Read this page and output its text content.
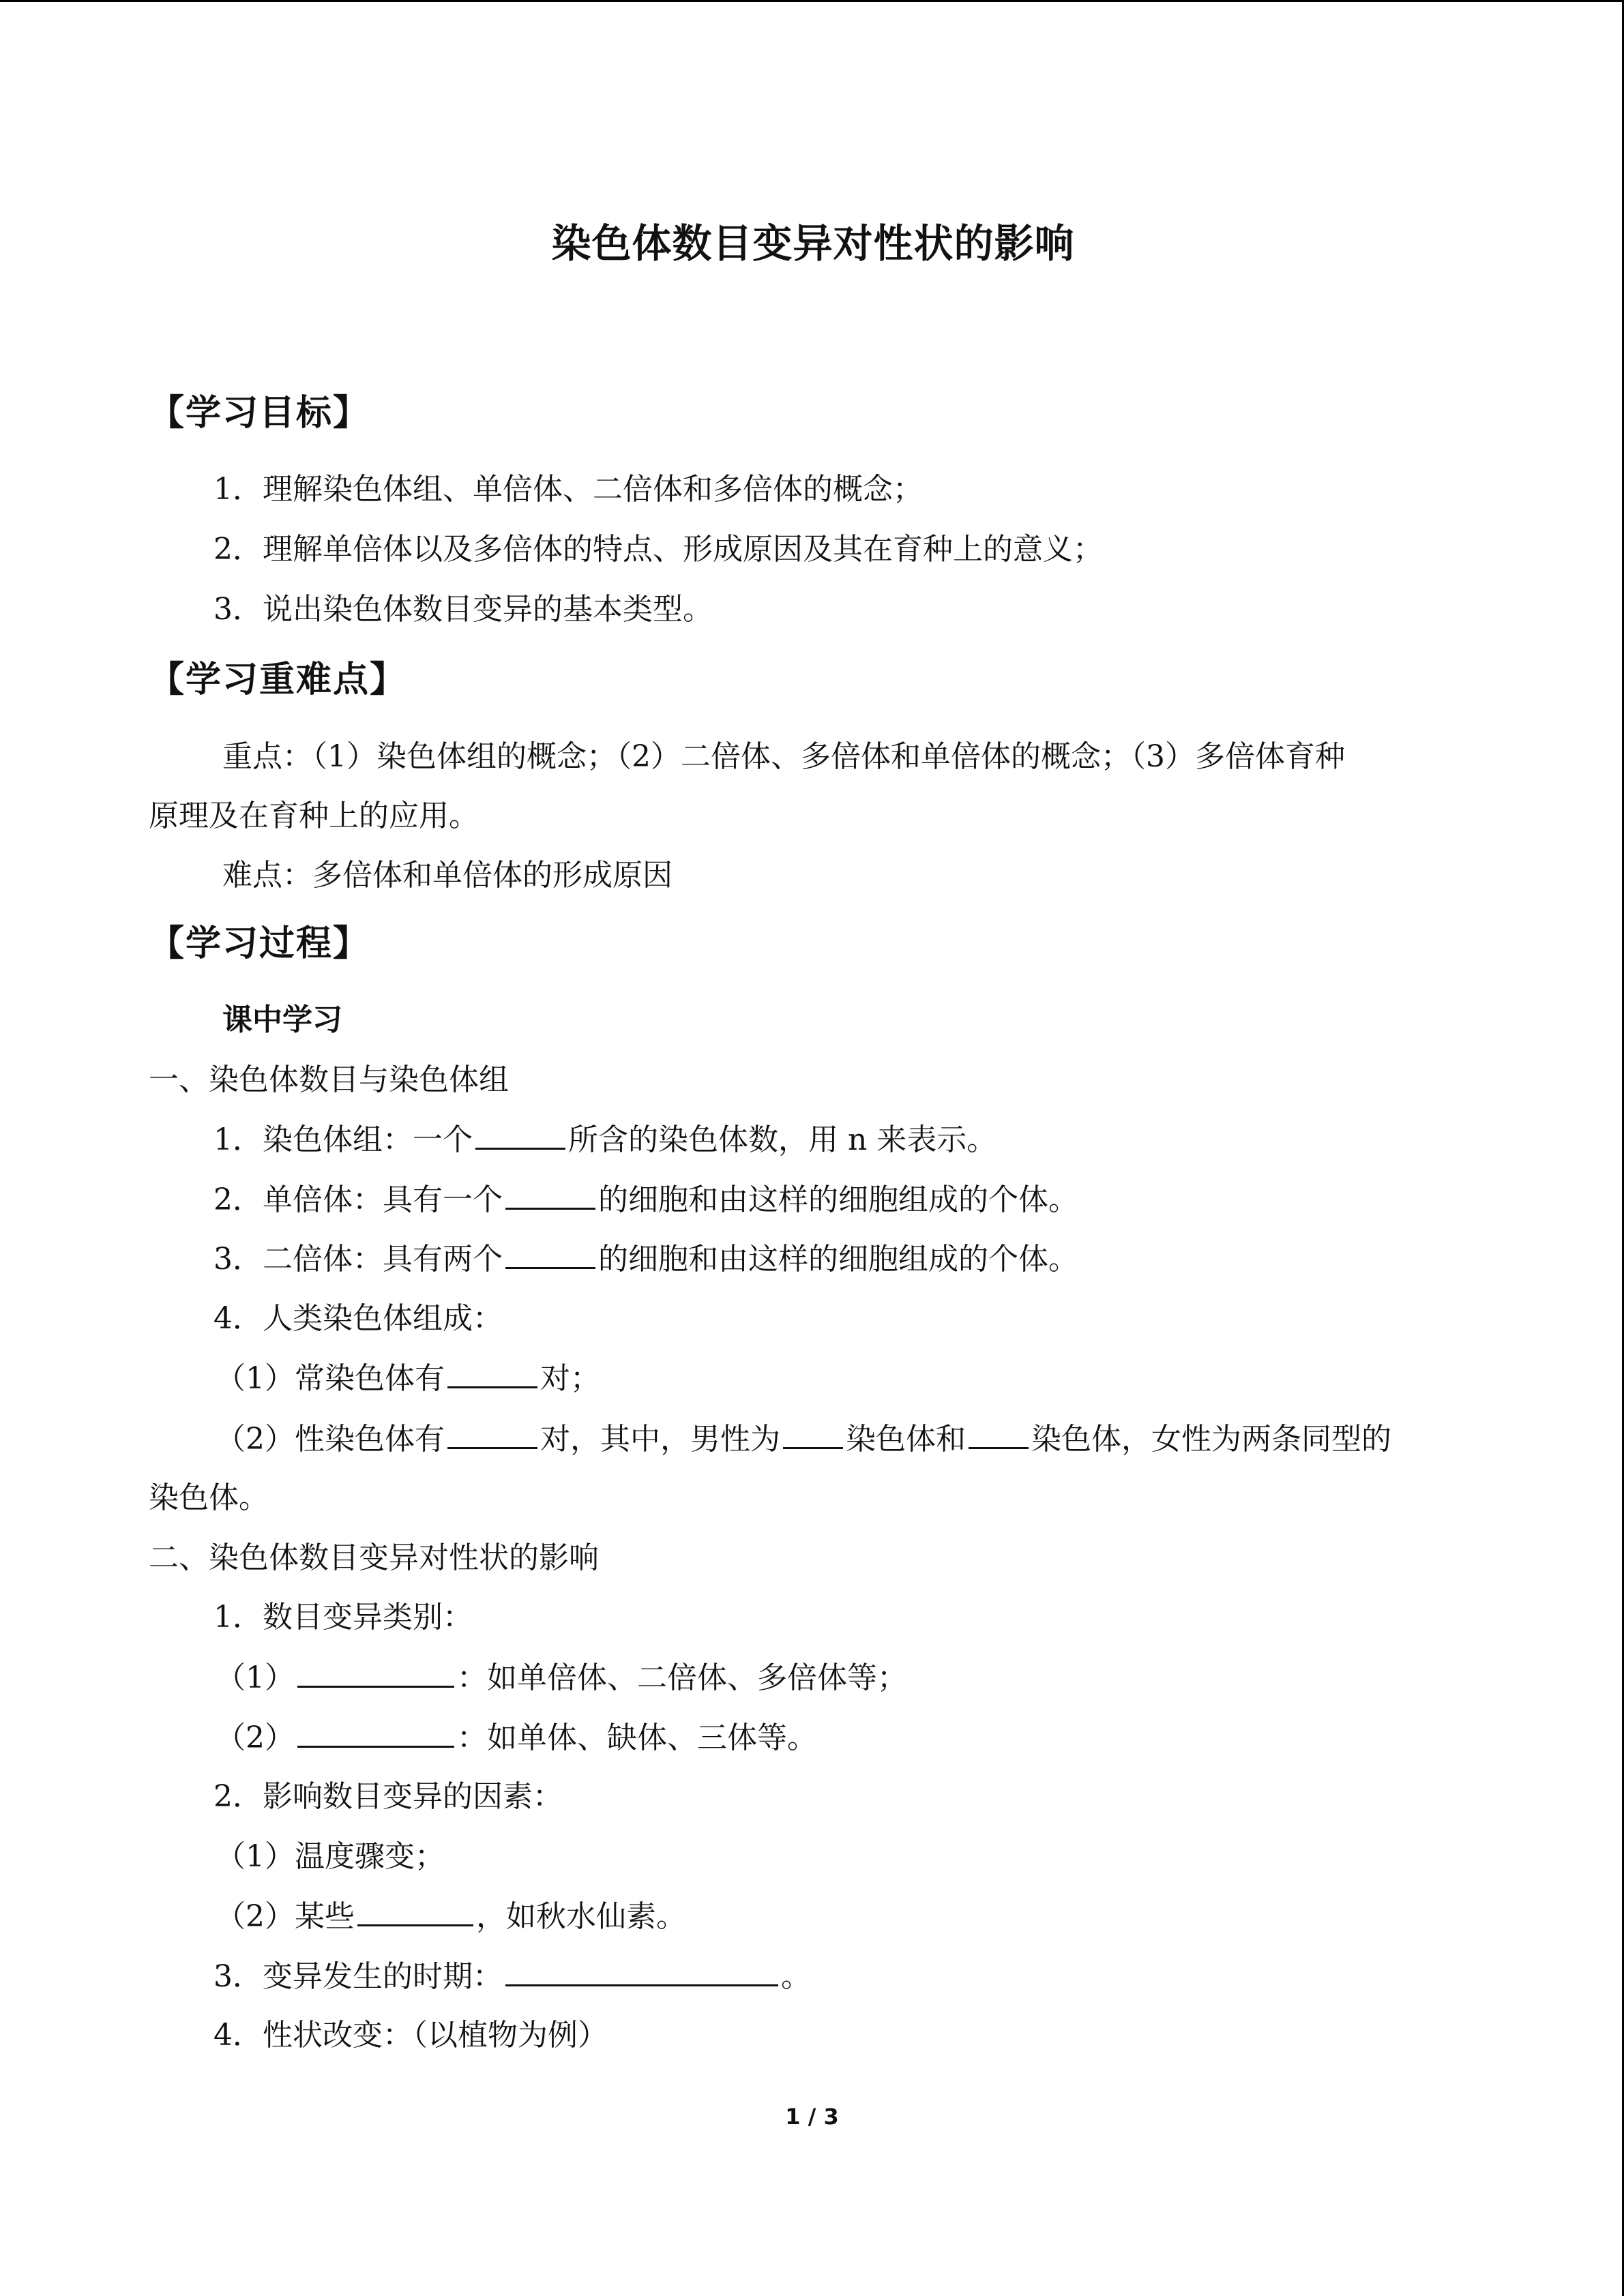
染色体数目变异对性状的影响
【学习目标】
1．理解染色体组、单倍体、二倍体和多倍体的概念；
2．理解单倍体以及多倍体的特点、形成原因及其在育种上的意义；
3．说出染色体数目变异的基本类型。
【学习重难点】
重点：（1）染色体组的概念；（2）二倍体、多倍体和单倍体的概念；（3）多倍体育种
原理及在育种上的应用。
难点：多倍体和单倍体的形成原因
【学习过程】
课中学习
一、染色体数目与染色体组
1．染色体组：一个	所含的染色体数，用 n 来表示。
2．单倍体：具有一个	的细胞和由这样的细胞组成的个体。
3．二倍体：具有两个	的细胞和由这样的细胞组成的个体。
4．人类染色体组成：
（1）常染色体有	对；
（2）性染色体有	对，其中，男性为 染色体和 染色体，女性为两条同型的
染色体。
二、染色体数目变异对性状的影响
1．数目变异类别：
（1）	：如单倍体、二倍体、多倍体等；
（2）	：如单体、缺体、三体等。
2．影响数目变异的因素：
（1）温度骤变；
（2）某些	，如秋水仙素。
3．变异发生的时期：	。
4．性状改变：（以植物为例）
1 / 3
